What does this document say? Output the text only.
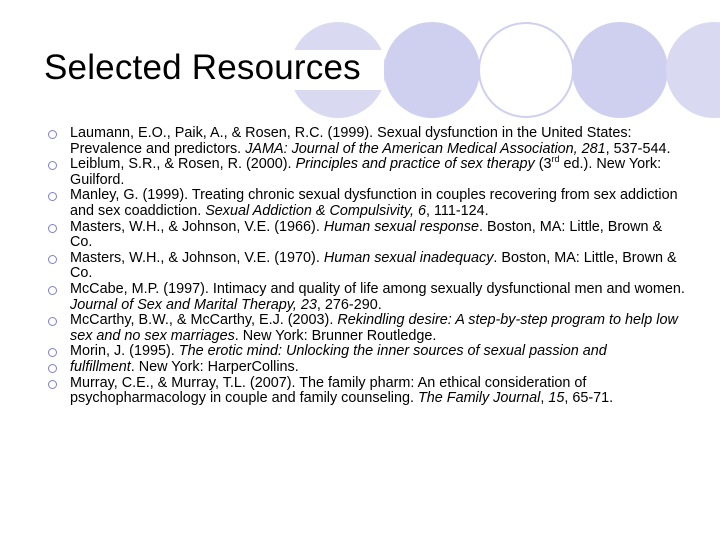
Selected Resources
Laumann, E.O., Paik, A., & Rosen, R.C. (1999). Sexual dysfunction in the United States: Prevalence and predictors. JAMA: Journal of the American Medical Association, 281, 537-544.
Leiblum, S.R., & Rosen, R. (2000). Principles and practice of sex therapy (3rd ed.). New York: Guilford.
Manley, G. (1999). Treating chronic sexual dysfunction in couples recovering from sex addiction and sex coaddiction. Sexual Addiction & Compulsivity, 6, 111-124.
Masters, W.H., & Johnson, V.E. (1966). Human sexual response. Boston, MA: Little, Brown & Co.
Masters, W.H., & Johnson, V.E. (1970). Human sexual inadequacy. Boston, MA: Little, Brown & Co.
McCabe, M.P. (1997). Intimacy and quality of life among sexually dysfunctional men and women. Journal of Sex and Marital Therapy, 23, 276-290.
McCarthy, B.W., & McCarthy, E.J. (2003). Rekindling desire: A step-by-step program to help low sex and no sex marriages. New York: Brunner Routledge.
Morin, J. (1995). The erotic mind: Unlocking the inner sources of sexual passion and
fulfillment. New York: HarperCollins.
Murray, C.E., & Murray, T.L. (2007). The family pharm: An ethical consideration of psychopharmacology in couple and family counseling. The Family Journal, 15, 65-71.
